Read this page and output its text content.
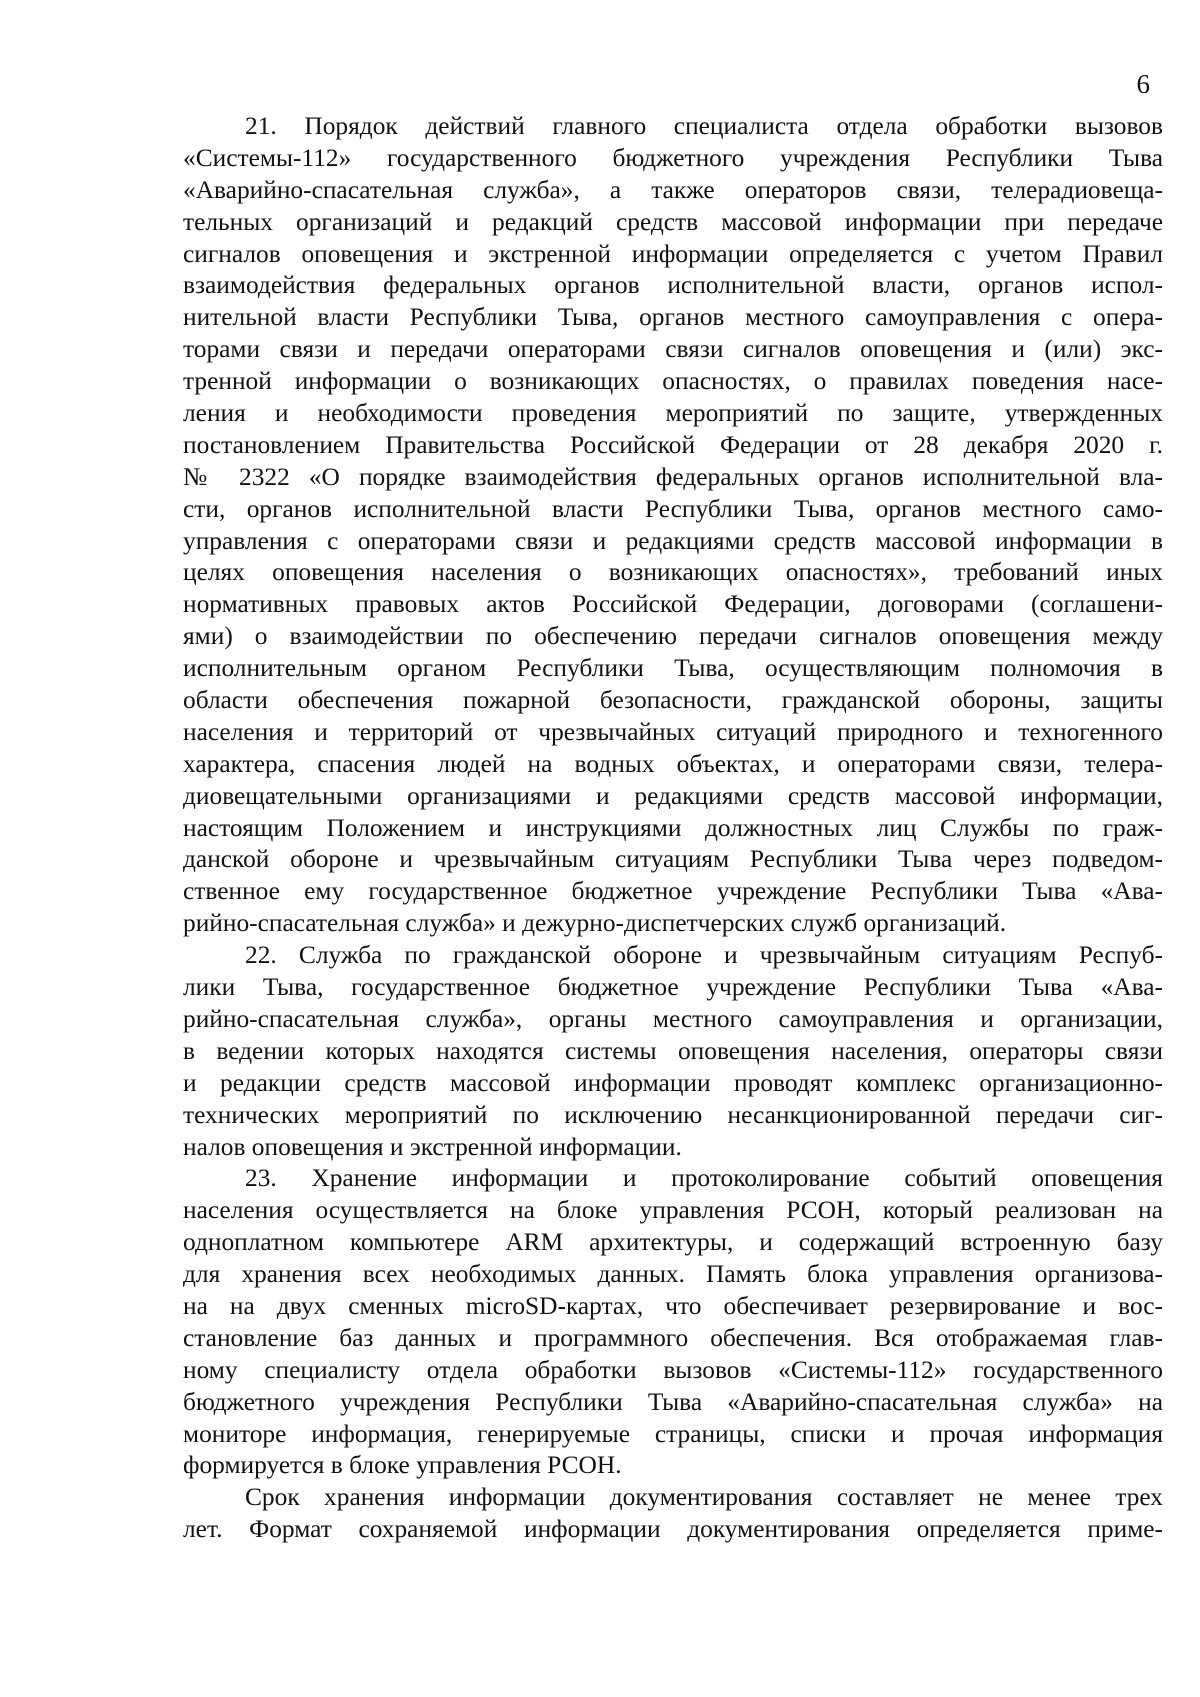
6
21. Порядок действий главного специалиста отдела обработки вызовов
«Системы-112» государственного бюджетного учреждения Республики Тыва
«Аварийно-спасательная служба», а также операторов связи, телерадиовеща-
тельных организаций и редакций средств массовой информации при передаче
сигналов оповещения и экстренной информации определяется с учетом Правил
взаимодействия федеральных органов исполнительной власти, органов испол-
нительной власти Республики Тыва, органов местного самоуправления с опера-
торами связи и передачи операторами связи сигналов оповещения и (или) экс-
тренной информации о возникающих опасностях, о правилах поведения насе-
ления и необходимости проведения мероприятий по защите, утвержденных
постановлением Правительства Российской Федерации от 28 декабря 2020 г.
№ 2322 «О порядке взаимодействия федеральных органов исполнительной вла-
сти, органов исполнительной власти Республики Тыва, органов местного само-
управления с операторами связи и редакциями средств массовой информации в
целях оповещения населения о возникающих опасностях», требований иных
нормативных правовых актов Российской Федерации, договорами (соглашени-
ями) о взаимодействии по обеспечению передачи сигналов оповещения между
исполнительным органом Республики Тыва, осуществляющим полномочия в
области обеспечения пожарной безопасности, гражданской обороны, защиты
населения и территорий от чрезвычайных ситуаций природного и техногенного
характера, спасения людей на водных объектах, и операторами связи, телера-
диовещательными организациями и редакциями средств массовой информации,
настоящим Положением и инструкциями должностных лиц Службы по граж-
данской обороне и чрезвычайным ситуациям Республики Тыва через подведом-
ственное ему государственное бюджетное учреждение Республики Тыва «Ава-
рийно-спасательная служба» и дежурно-диспетчерских служб организаций.
22. Служба по гражданской обороне и чрезвычайным ситуациям Респуб-
лики Тыва, государственное бюджетное учреждение Республики Тыва «Ава-
рийно-спасательная служба», органы местного самоуправления и организации,
в ведении которых находятся системы оповещения населения, операторы связи
и редакции средств массовой информации проводят комплекс организационно-
технических мероприятий по исключению несанкционированной передачи сиг-
налов оповещения и экстренной информации.
23. Хранение информации и протоколирование событий оповещения
населения осуществляется на блоке управления РСОН, который реализован на
одноплатном компьютере ARM архитектуры, и содержащий встроенную базу
для хранения всех необходимых данных. Память блока управления организова-
на на двух сменных microSD-картах, что обеспечивает резервирование и вос-
становление баз данных и программного обеспечения. Вся отображаемая глав-
ному специалисту отдела обработки вызовов «Системы-112» государственного
бюджетного учреждения Республики Тыва «Аварийно-спасательная служба» на
мониторе информация, генерируемые страницы, списки и прочая информация
формируется в блоке управления РСОН.
Срок хранения информации документирования составляет не менее трех
лет. Формат сохраняемой информации документирования определяется приме-
